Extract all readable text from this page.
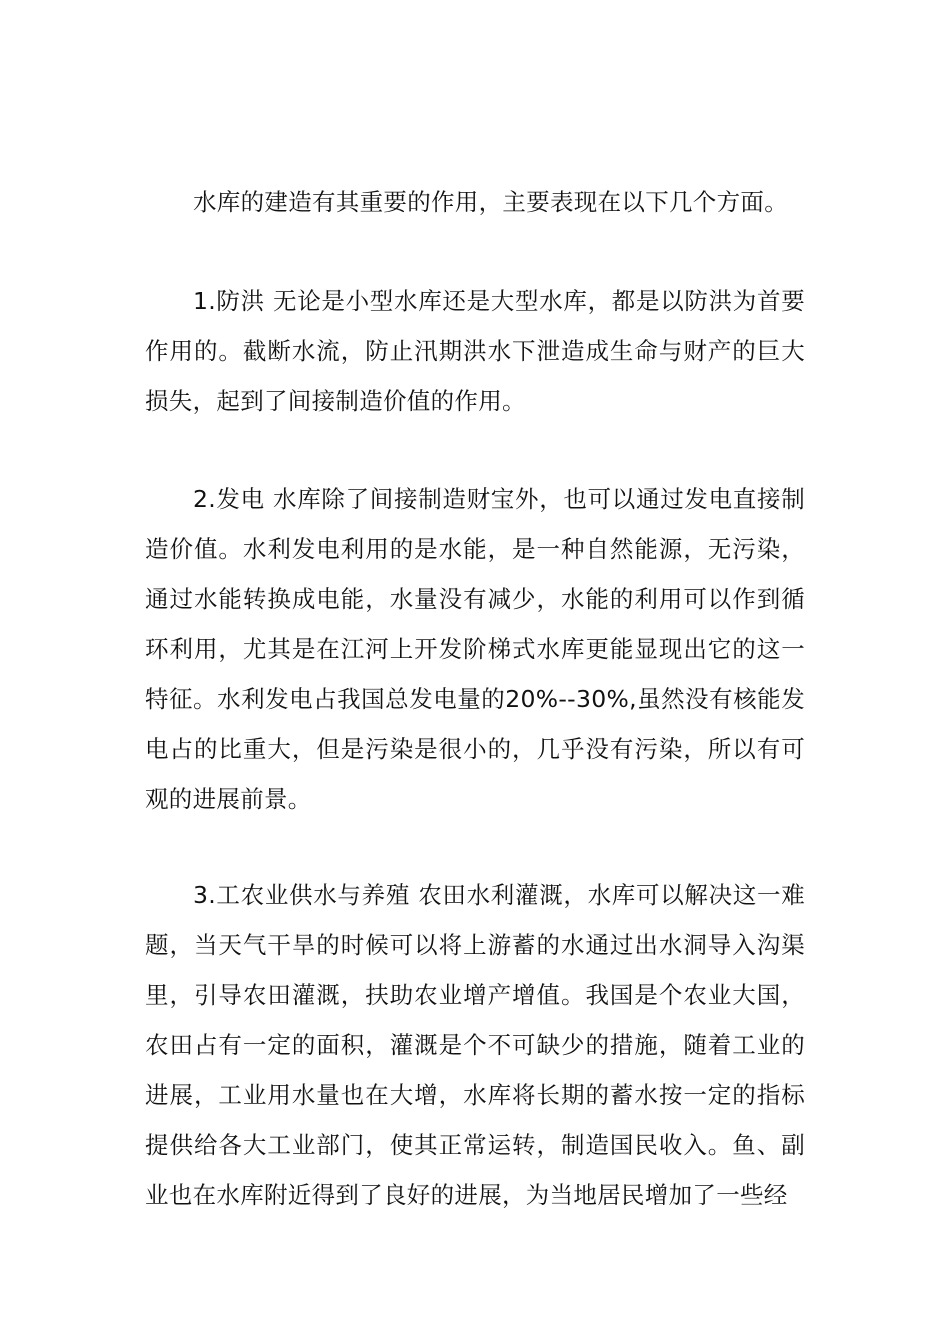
水库的建造有其重要的作用，主要表现在以下几个方面。

1.防洪 无论是小型水库还是大型水库，都是以防洪为首要作用的。截断水流，防止汛期洪水下泄造成生命与财产的巨大损失，起到了间接制造价值的作用。

2.发电 水库除了间接制造财宝外，也可以通过发电直接制造价值。水利发电利用的是水能，是一种自然能源，无污染，通过水能转换成电能，水量没有减少，水能的利用可以作到循环利用，尤其是在江河上开发阶梯式水库更能显现出它的这一特征。水利发电占我国总发电量的20%--30%,虽然没有核能发电占的比重大，但是污染是很小的，几乎没有污染，所以有可观的进展前景。

3.工农业供水与养殖 农田水利灌溉，水库可以解决这一难题，当天气干旱的时候可以将上游蓄的水通过出水洞导入沟渠里，引导农田灌溉，扶助农业增产增值。我国是个农业大国，农田占有一定的面积，灌溉是个不可缺少的措施，随着工业的进展，工业用水量也在大增，水库将长期的蓄水按一定的指标提供给各大工业部门，使其正常运转，制造国民收入。鱼、副业也在水库附近得到了良好的进展，为当地居民增加了一些经
